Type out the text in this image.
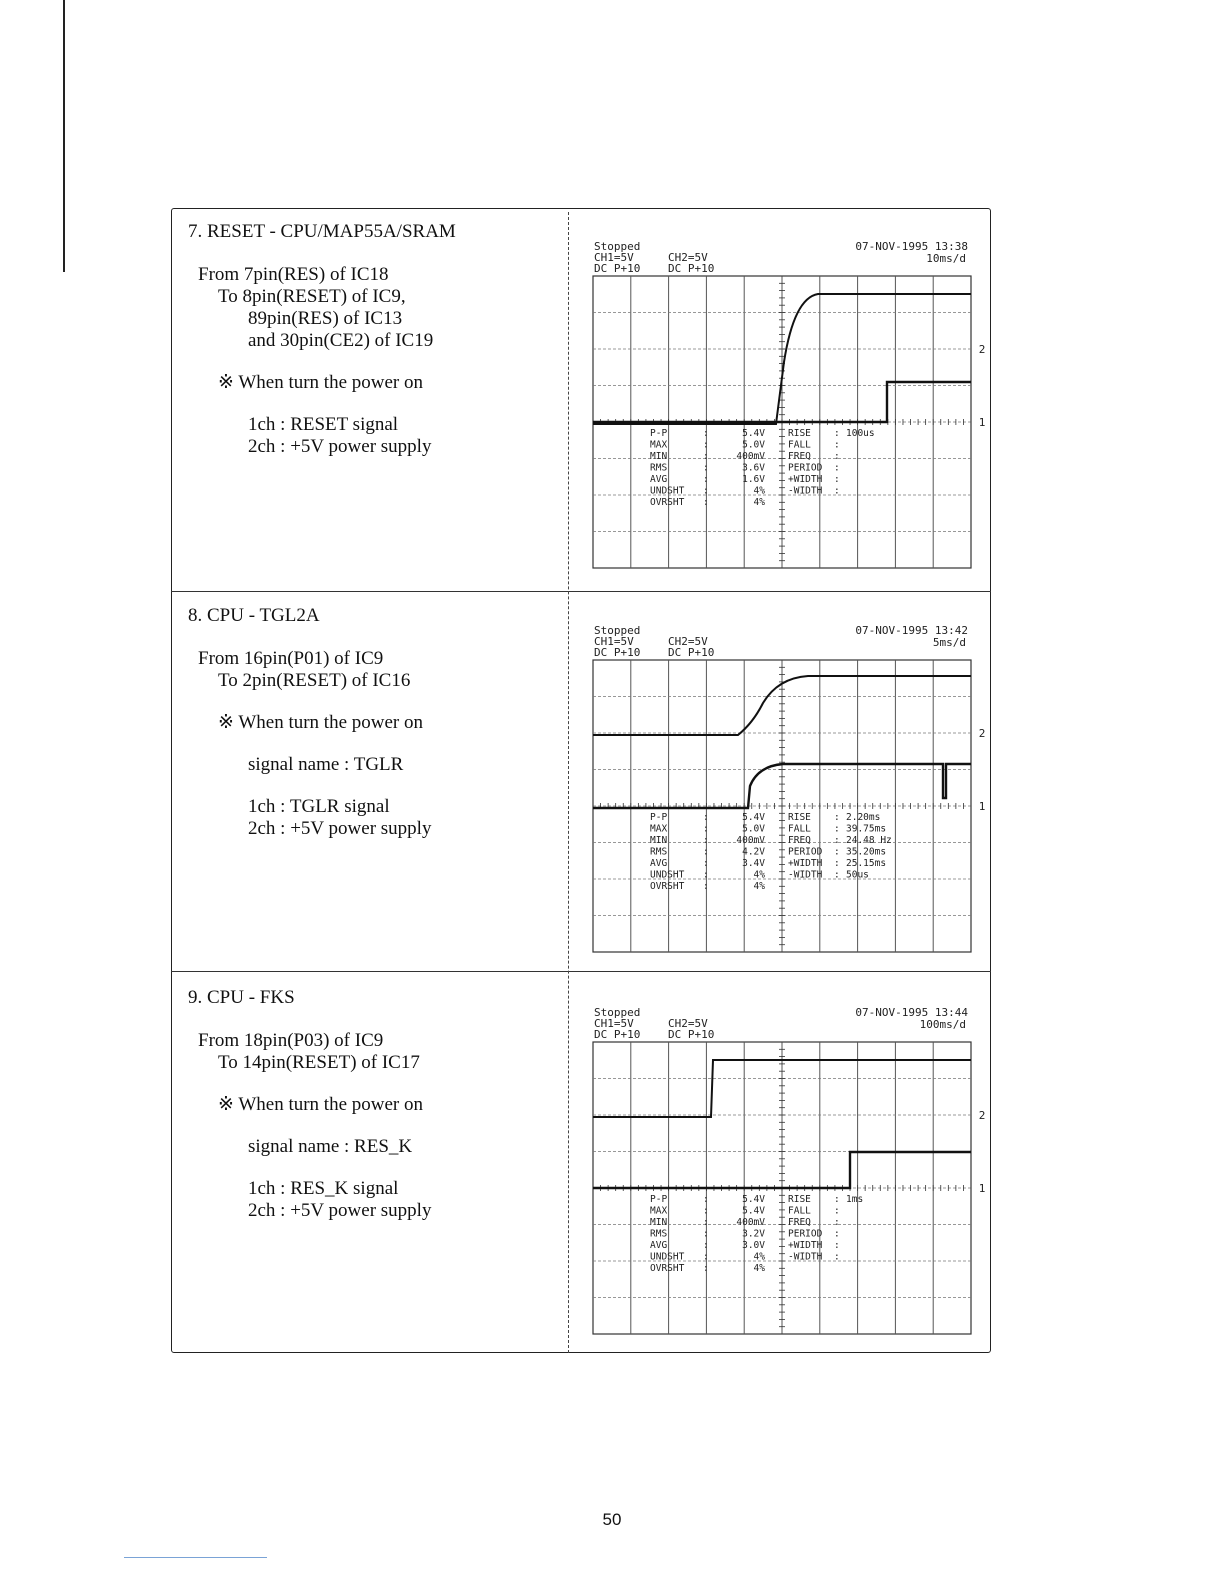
7. RESET - CPU/MAP55A/SRAM
From 7pin(RES) of IC18
To 8pin(RESET) of IC9,
89pin(RES) of IC13
and 30pin(CE2) of IC19
※ When turn the power on
1ch : RESET signal
2ch : +5V power supply
8. CPU - TGL2A
From 16pin(P01) of IC9
To 2pin(RESET) of IC16
※ When turn the power on
signal name : TGLR
1ch : TGLR signal
2ch : +5V power supply
9. CPU - FKS
From 18pin(P03) of IC9
To 14pin(RESET) of IC17
※ When turn the power on
signal name : RES_K
1ch : RES_K signal
2ch : +5V power supply
Stopped
CH1=5V
DC P+10
CH2=5V
DC P+10
07-NOV-1995 13:38
10ms/d
2
1
P-P	:	5.4V
MAX	:	5.0V
MIN	:	400mV
RMS	:	3.6V
AVG	:	1.6V
UNDSHT :	4%
OVRSHT :	4%
RISE : 100us
FALL :
FREQ :
PERIOD :
+WIDTH :
-WIDTH :
Stopped
CH1=5V
DC P+10
CH2=5V
DC P+10
07-NOV-1995 13:42
5ms/d
2
1
P-P	:	5.4V
MAX	:	5.0V
MIN	:	400mV
RMS	:	4.2V
AVG	:	3.4V
UNDSHT :	4%
OVRSHT :	4%
RISE : 2.20ms
FALL : 39.75ms
FREQ : 24.48 Hz
PERIOD : 35.20ms
+WIDTH : 25.15ms
-WIDTH : 50us
Stopped
CH1=5V
DC P+10
CH2=5V
DC P+10
07-NOV-1995 13:44
100ms/d
2
1
P-P	:	5.4V
MAX	:	5.4V
MIN	:	400mV
RMS	:	3.2V
AVG	:	3.0V
UNDSHT :	4%
OVRSHT :	4%
RISE : 1ms
FALL :
FREQ :
PERIOD :
+WIDTH :
-WIDTH :
50
